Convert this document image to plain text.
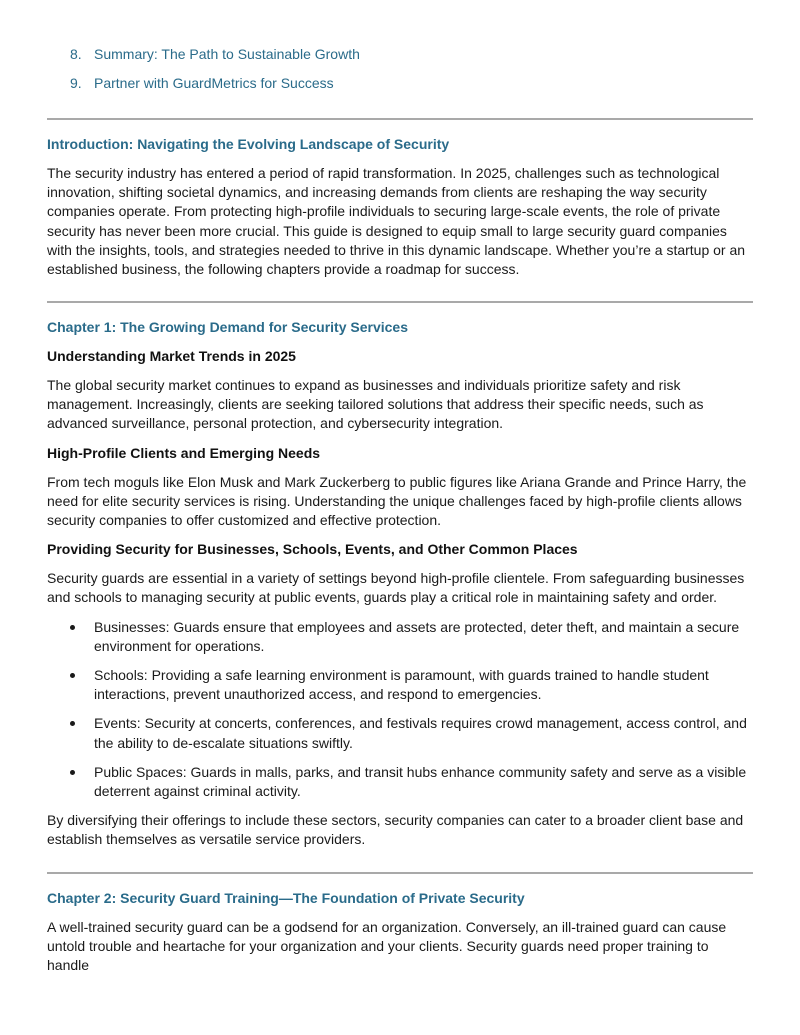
8. Summary: The Path to Sustainable Growth
9. Partner with GuardMetrics for Success
Introduction: Navigating the Evolving Landscape of Security

The security industry has entered a period of rapid transformation. In 2025, challenges such as technological innovation, shifting societal dynamics, and increasing demands from clients are reshaping the way security companies operate. From protecting high-profile individuals to securing large-scale events, the role of private security has never been more crucial. This guide is designed to equip small to large security guard companies with the insights, tools, and strategies needed to thrive in this dynamic landscape. Whether you’re a startup or an established business, the following chapters provide a roadmap for success.

Chapter 1: The Growing Demand for Security Services
Understanding Market Trends in 2025

The global security market continues to expand as businesses and individuals prioritize safety and risk management. Increasingly, clients are seeking tailored solutions that address their specific needs, such as advanced surveillance, personal protection, and cybersecurity integration.

High-Profile Clients and Emerging Needs

From tech moguls like Elon Musk and Mark Zuckerberg to public figures like Ariana Grande and Prince Harry, the need for elite security services is rising. Understanding the unique challenges faced by high-profile clients allows security companies to offer customized and effective protection.

Providing Security for Businesses, Schools, Events, and Other Common Places

Security guards are essential in a variety of settings beyond high-profile clientele. From safeguarding businesses and schools to managing security at public events, guards play a critical role in maintaining safety and order.

Businesses: Guards ensure that employees and assets are protected, deter theft, and maintain a secure environment for operations.
Schools: Providing a safe learning environment is paramount, with guards trained to handle student interactions, prevent unauthorized access, and respond to emergencies.
Events: Security at concerts, conferences, and festivals requires crowd management, access control, and the ability to de-escalate situations swiftly.
Public Spaces: Guards in malls, parks, and transit hubs enhance community safety and serve as a visible deterrent against criminal activity.

By diversifying their offerings to include these sectors, security companies can cater to a broader client base and establish themselves as versatile service providers.

Chapter 2: Security Guard Training—The Foundation of Private Security

A well-trained security guard can be a godsend for an organization. Conversely, an ill-trained guard can cause untold trouble and heartache for your organization and your clients. Security guards need proper training to handle
